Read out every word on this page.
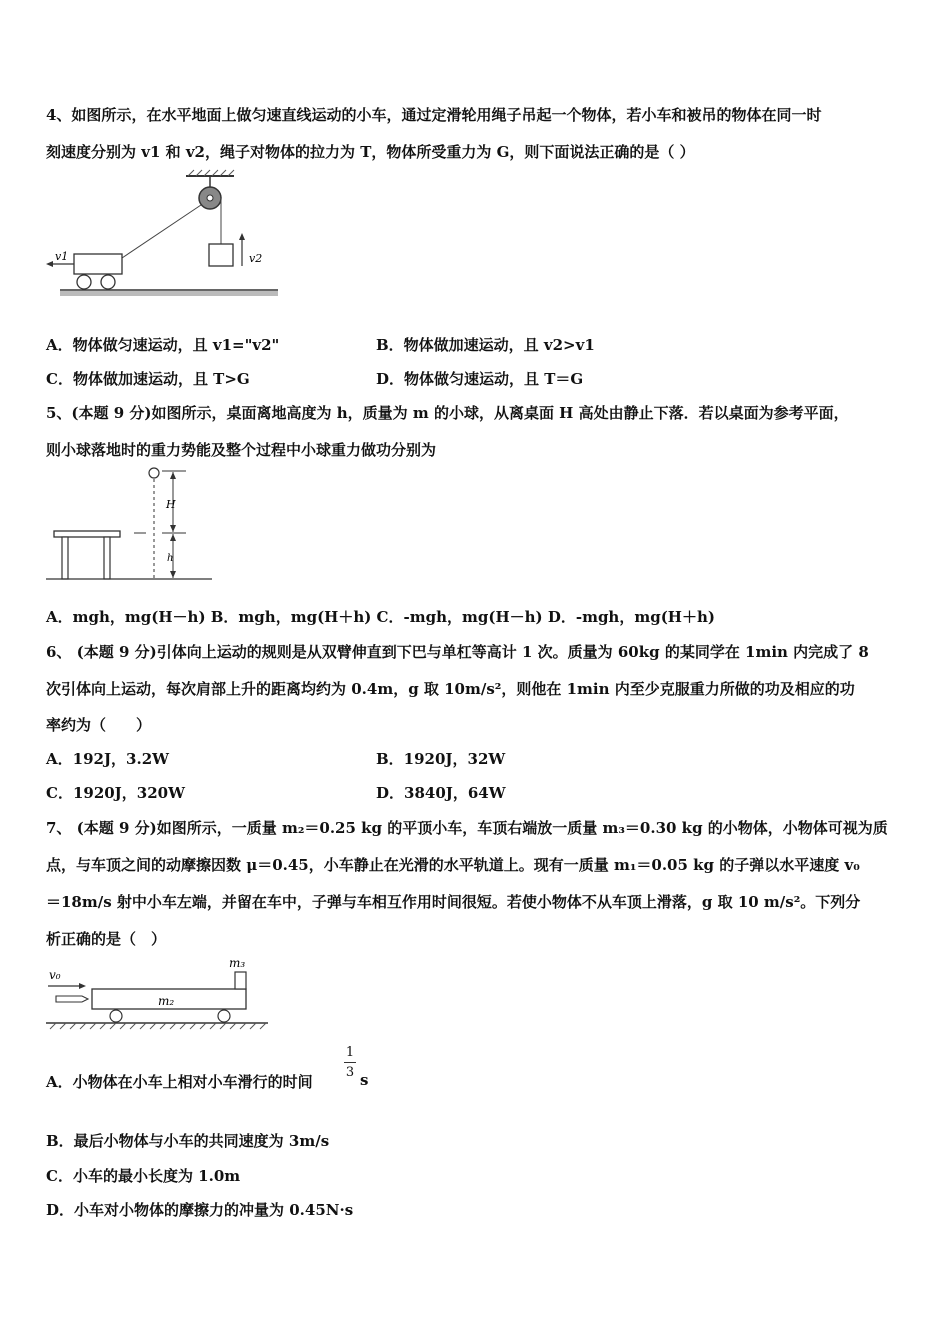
4、如图所示，在水平地面上做匀速直线运动的小车，通过定滑轮用绳子吊起一个物体，若小车和被吊的物体在同一时
刻速度分别为 v1 和 v2，绳子对物体的拉力为 T，物体所受重力为 G，则下面说法正确的是（ ）
v2
v1
A．物体做匀速运动，且 v1="v2"	B．物体做加速运动，且 v2>v1
C．物体做加速运动，且 T>G	D．物体做匀速运动，且 T＝G
5、(本题 9 分)如图所示，桌面离地高度为 h，质量为 m 的小球，从离桌面 H 高处由静止下落．若以桌面为参考平面，
则小球落地时的重力势能及整个过程中小球重力做功分别为
H
h
A．mgh，mg(H－h) B．mgh，mg(H＋h) C．-mgh，mg(H－h) D．-mgh，mg(H＋h)
6、 (本题 9 分)引体向上运动的规则是从双臂伸直到下巴与单杠等高计 1 次。质量为 60kg 的某同学在 1min 内完成了 8
次引体向上运动，每次肩部上升的距离均约为 0.4m，g 取 10m/s²，则他在 1min 内至少克服重力所做的功及相应的功
率约为（　　）
A．192J，3.2W	B．1920J，32W
C．1920J，320W	D．3840J，64W
7、 (本题 9 分)如图所示，一质量 m₂＝0.25 kg 的平顶小车，车顶右端放一质量 m₃＝0.30 kg 的小物体，小物体可视为质
点，与车顶之间的动摩擦因数 μ＝0.45，小车静止在光滑的水平轨道上。现有一质量 m₁＝0.05 kg 的子弹以水平速度 v₀
＝18m/s 射中小车左端，并留在车中，子弹与车相互作用时间很短。若使小物体不从车顶上滑落，g 取 10 m/s²。下列分
析正确的是（　）
v₀
m₂
m₃
A．小物体在小车上相对小车滑行的时间
1
3 s
B．最后小物体与小车的共同速度为 3m/s
C．小车的最小长度为 1.0m
D．小车对小物体的摩擦力的冲量为 0.45N·s
